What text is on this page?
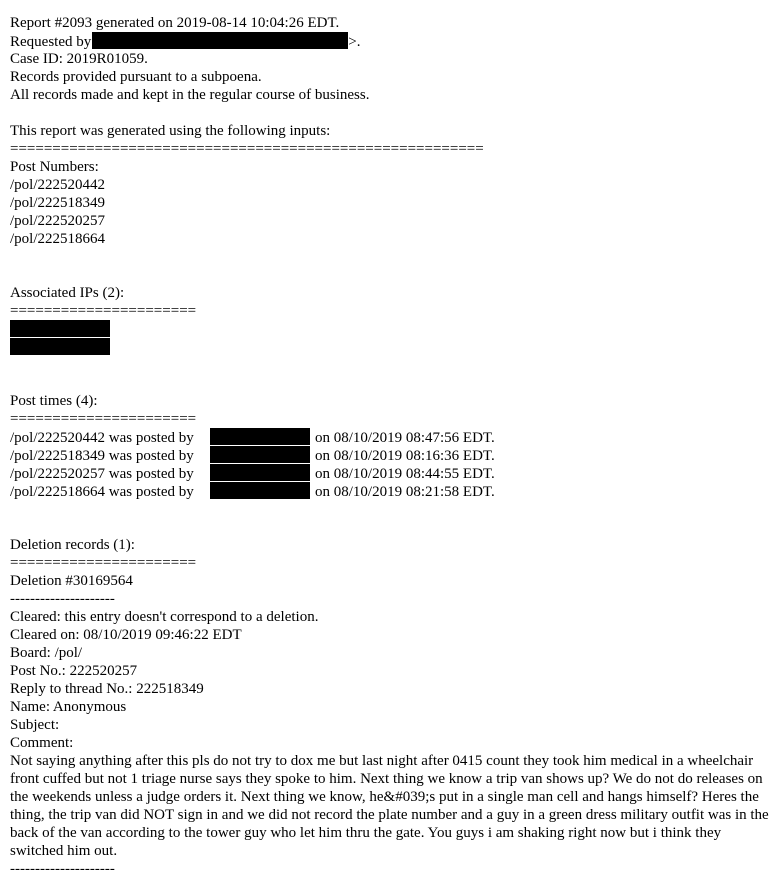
Report #2093 generated on 2019-08-14 10:04:26 EDT.
Requested by	>.
Case ID: 2019R01059.
Records provided pursuant to a subpoena.
All records made and kept in the regular course of business.
This report was generated using the following inputs:
========================================================
Post Numbers:
/pol/222520442
/pol/222518349
/pol/222520257
/pol/222518664
Associated IPs (2):
======================
Post times (4):
======================
/pol/222520442 was posted by	on 08/10/2019 08:47:56 EDT.
/pol/222518349 was posted by	on 08/10/2019 08:16:36 EDT.
/pol/222520257 was posted by	on 08/10/2019 08:44:55 EDT.
/pol/222518664 was posted by	on 08/10/2019 08:21:58 EDT.
Deletion records (1):
======================
Deletion #30169564
---------------------
Cleared: this entry doesn't correspond to a deletion.
Cleared on: 08/10/2019 09:46:22 EDT
Board: /pol/
Post No.: 222520257
Reply to thread No.: 222518349
Name: Anonymous
Subject:
Comment:
Not saying anything after this pls do not try to dox me but last night after 0415 count they took him medical in a wheelchair front cuffed but not 1 triage nurse says they spoke to him. Next thing we know a trip van shows up? We do not do releases on the weekends unless a judge orders it. Next thing we know, he&#039;s put in a single man cell and hangs himself? Heres the thing, the trip van did NOT sign in and we did not record the plate number and a guy in a green dress military outfit was in the back of the van according to the tower guy who let him thru the gate. You guys i am shaking right now but i think they switched him out.
---------------------
